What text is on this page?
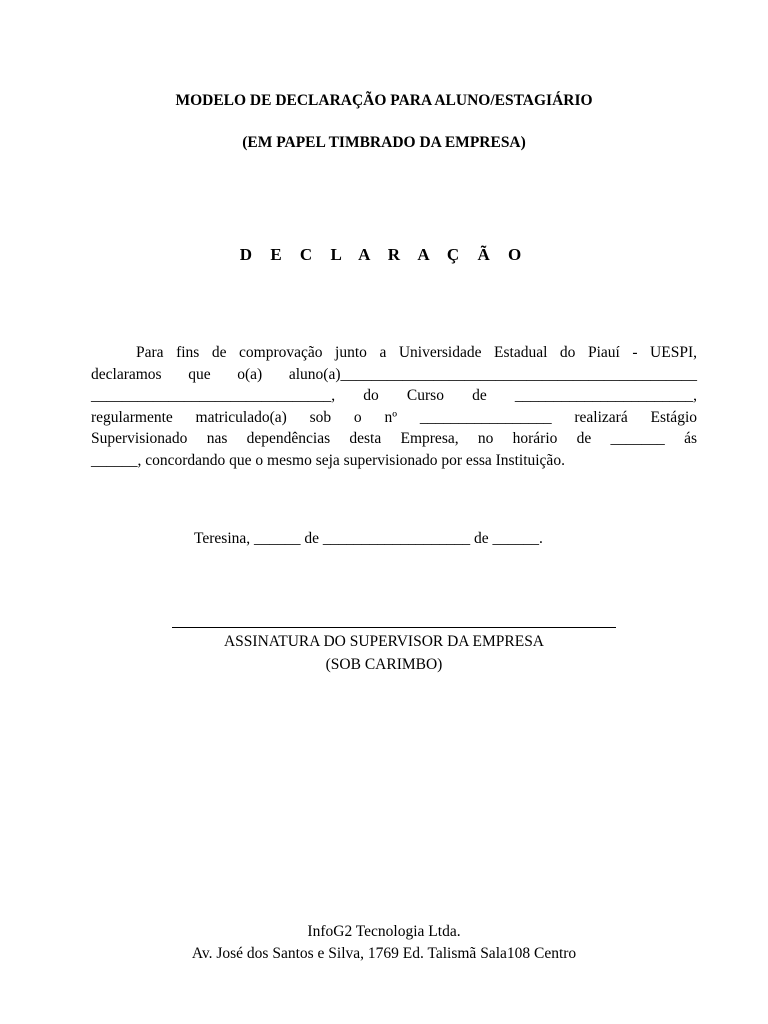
MODELO DE DECLARAÇÃO PARA ALUNO/ESTAGIÁRIO
(EM PAPEL TIMBRADO DA EMPRESA)
D E C L A R A Ç Ã O
Para fins de comprovação junto a Universidade Estadual do Piauí - UESPI,
declaramos que o(a) aluno(a)______________________________________________
_______________________________, do Curso de _______________________,
regularmente matriculado(a) sob o nº _________________ realizará Estágio
Supervisionado nas dependências desta Empresa, no horário de _______ ás
______, concordando que o mesmo seja supervisionado por essa Instituição.
Teresina, ______ de ___________________ de ______.
ASSINATURA DO SUPERVISOR DA EMPRESA
(SOB CARIMBO)
InfoG2 Tecnologia Ltda.
Av. José dos Santos e Silva, 1769 Ed. Talismã Sala108 Centro
